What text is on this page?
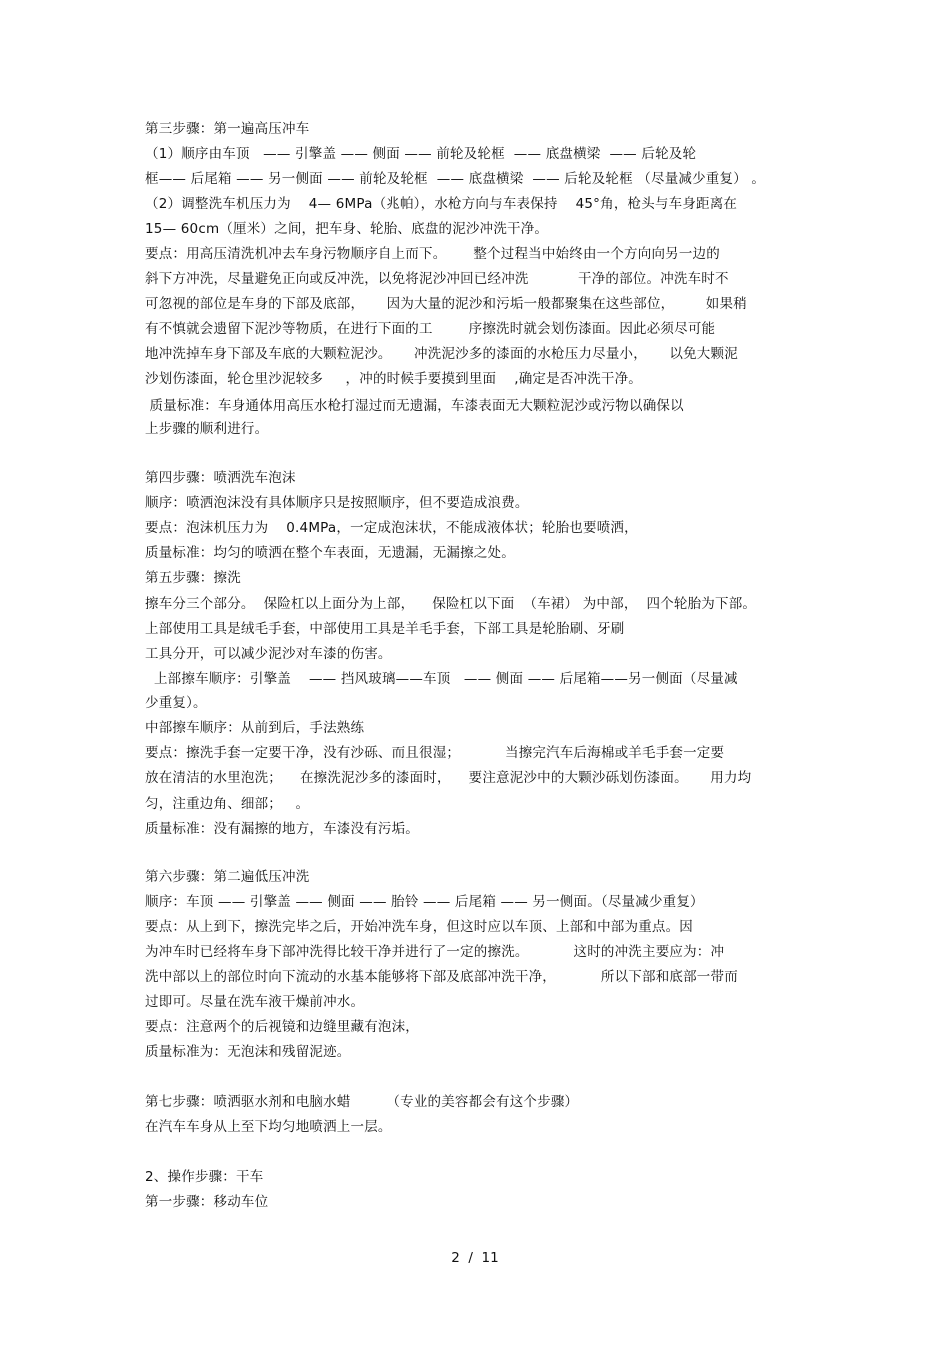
第三步骤：第一遍高压冲车
（1）顺序由车顶   —— 引擎盖 —— 侧面 —— 前轮及轮框  —— 底盘横梁  —— 后轮及轮
框—— 后尾箱 —— 另一侧面 —— 前轮及轮框  —— 底盘横梁  —— 后轮及轮框 （尽量减少重复） 。
（2）调整洗车机压力为    4— 6MPa（兆帕），水枪方向与车表保持    45°角，枪头与车身距离在
15— 60cm（厘米）之间，把车身、轮胎、底盘的泥沙冲洗干净。
要点：用高压清洗机冲去车身污物顺序自上而下。      整个过程当中始终由一个方向向另一边的
斜下方冲洗，尽量避免正向或反冲洗，以免将泥沙冲回已经冲洗           干净的部位。冲洗车时不
可忽视的部位是车身的下部及底部，     因为大量的泥沙和污垢一般都聚集在这些部位，       如果稍
有不慎就会遗留下泥沙等物质，在进行下面的工        序擦洗时就会划伤漆面。因此必须尽可能
地冲洗掉车身下部及车底的大颗粒泥沙。     冲洗泥沙多的漆面的水枪压力尽量小，     以免大颗泥
沙划伤漆面，轮仓里沙泥较多     ，冲的时候手要摸到里面    ,确定是否冲洗干净。
质量标准：车身通体用高压水枪打湿过而无遗漏，车漆表面无大颗粒泥沙或污物以确保以
上步骤的顺利进行。
第四步骤：喷洒洗车泡沫
顺序：喷洒泡沫没有具体顺序只是按照顺序，但不要造成浪费。
要点：泡沫机压力为    0.4MPa，一定成泡沫状，不能成液体状；轮胎也要喷洒，
质量标准：均匀的喷洒在整个车表面，无遗漏，无漏擦之处。
第五步骤：擦洗
擦车分三个部分。  保险杠以上面分为上部，    保险杠以下面  （车裙） 为中部，  四个轮胎为下部。
上部使用工具是绒毛手套，中部使用工具是羊毛手套，下部工具是轮胎刷、牙刷
工具分开，可以减少泥沙对车漆的伤害。
上部擦车顺序：引擎盖    —— 挡风玻璃——车顶   —— 侧面 —— 后尾箱——另一侧面（尽量减
少重复）。
中部擦车顺序：从前到后，手法熟练
要点：擦洗手套一定要干净，没有沙砾、而且很湿；          当擦完汽车后海棉或羊毛手套一定要
放在清洁的水里泡洗；    在擦洗泥沙多的漆面时，    要注意泥沙中的大颗沙砾划伤漆面。     用力均
匀，注重边角、细部；   。
质量标准：没有漏擦的地方，车漆没有污垢。
第六步骤：第二遍低压冲洗
顺序：车顶 —— 引擎盖 —— 侧面 —— 胎铃 —— 后尾箱 —— 另一侧面。（尽量减少重复）
要点：从上到下，擦洗完毕之后，开始冲洗车身，但这时应以车顶、上部和中部为重点。因
为冲车时已经将车身下部冲洗得比较干净并进行了一定的擦洗。          这时的冲洗主要应为：冲
洗中部以上的部位时向下流动的水基本能够将下部及底部冲洗干净，          所以下部和底部一带而
过即可。尽量在洗车液干燥前冲水。
要点：注意两个的后视镜和边缝里藏有泡沫，
质量标准为：无泡沫和残留泥迹。
第七步骤：喷洒驱水剂和电脑水蜡        （专业的美容都会有这个步骤）
在汽车车身从上至下均匀地喷洒上一层。
2、操作步骤：干车
第一步骤：移动车位
2  /  11
